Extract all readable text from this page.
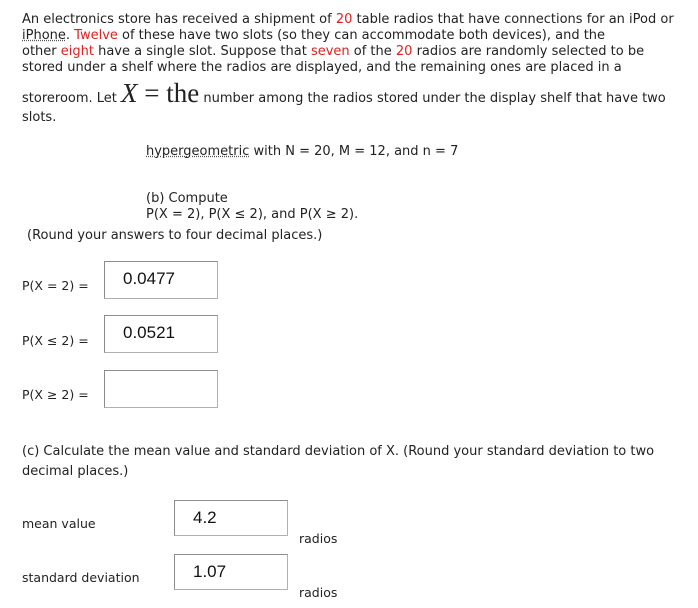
An electronics store has received a shipment of 20 table radios that have connections for an iPod or
iPhone. Twelve of these have two slots (so they can accommodate both devices), and the
other eight have a single slot. Suppose that seven of the 20 radios are randomly selected to be
stored under a shelf where the radios are displayed, and the remaining ones are placed in a
storeroom. Let X = the number among the radios stored under the display shelf that have two
slots.
hypergeometric with N = 20, M = 12, and n = 7
(b) Compute
P(X = 2), P(X ≤ 2), and P(X ≥ 2).
(Round your answers to four decimal places.)
P(X = 2) =	0.0477
P(X ≤ 2) =	0.0521
P(X ≥ 2) =
(c) Calculate the mean value and standard deviation of X. (Round your standard deviation to two
decimal places.)
mean value	4.2
radios
standard deviation	1.07
radios
